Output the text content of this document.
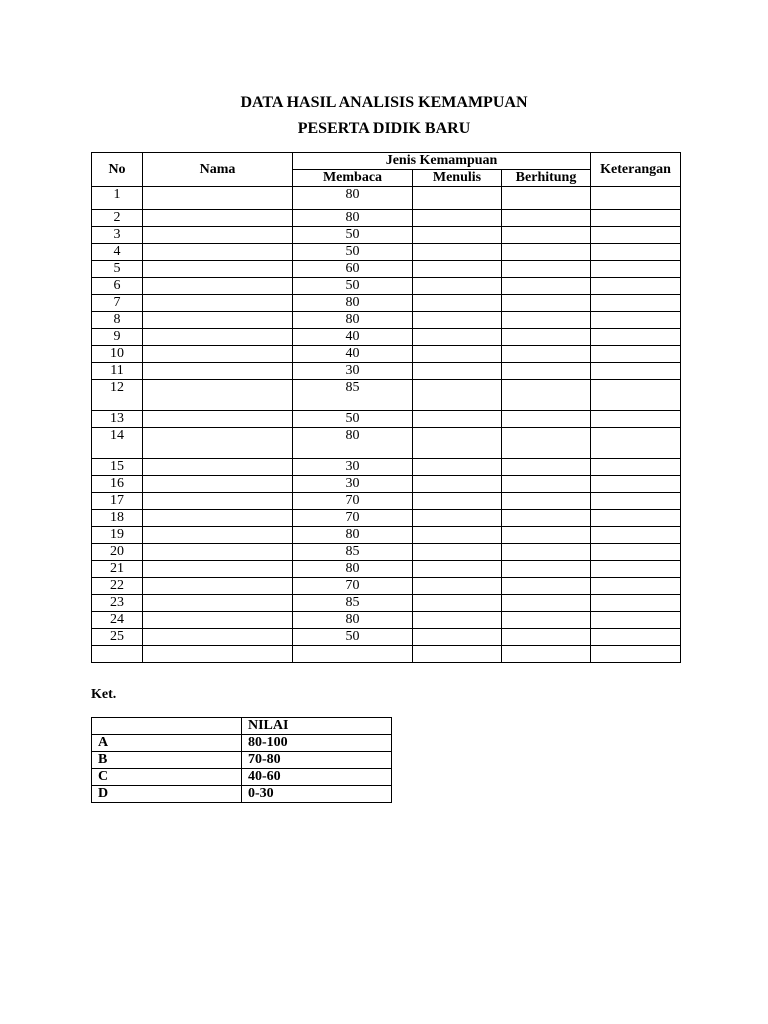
DATA HASIL ANALISIS KEMAMPUAN
PESERTA DIDIK BARU
No	Nama	Jenis Kemampuan			Keterangan
		Membaca	Menulis	Berhitung	
1		80			
2		80			
3		50			
4		50			
5		60			
6		50			
7		80			
8		80			
9		40			
10		40			
11		30			
12		85			
13		50			
14		80			
15		30			
16		30			
17		70			
18		70			
19		80			
20		85			
21		80			
22		70			
23		85			
24		80			
25		50			

Ket.
	NILAI
A	80-100
B	70-80
C	40-60
D	0-30
